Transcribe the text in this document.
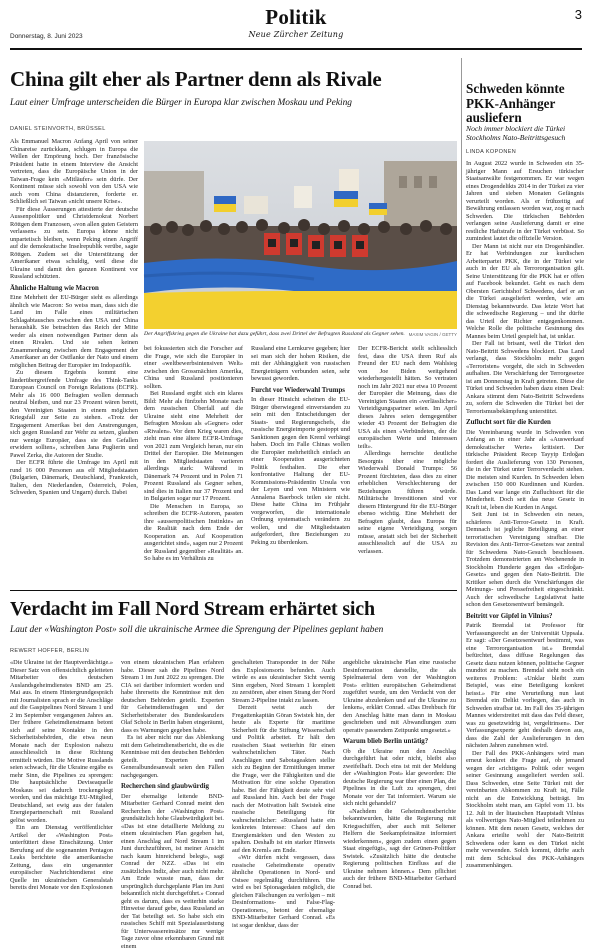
Donnerstag, 8. Juni 2023
Politik
Neue Zürcher Zeitung
3
China gilt eher als Partner denn als Rivale
Laut einer Umfrage unterscheiden die Bürger in Europa klar zwischen Moskau und Peking
DANIEL STEINVORTH, BRÜSSEL

Als Emmanuel Macron Anfang April von seiner Chinareise zurückkam, schlugen in Europa die Wellen der Empörung hoch. Der französische Präsident hatte in einem Interview die Ansicht vertreten, dass die Europäische Union in der Taiwan-Frage kein «Mitläufer» sein dürfe. Der Kontinent müsse sich sowohl von den USA wie auch vom China distanzieren, forderte er. Schließlich sei Taiwan «nicht unsere Krise».

Für diese Äusserungen attestierte der deutsche Aussenpolitiker und Christdemokrat Norbert Röttgen dem Franzosen, «von allen guten Geistern verlassen» zu sein. Europa könne nicht unparteiisch bleiben, wenn Peking einen Angriff auf die demokratische Inselrepublik verübe, sagte Röttgen. Zudem sei die Unterstützung der Amerikaner etwas schuldig, weil diese die Ukraine und damit den ganzen Kontinent vor Russland schützten.

Ähnliche Haltung wie Macron

Eine Mehrheit der EU-Bürger sieht es allerdings ähnlich wie Macron: So weiss man, dass sich die Land im Falle eines militärischen Schlagabtausches zwischen den USA und China heraushält. Sie betrachten das Reich der Mitte weder als einen notwendigen Partner denn als einen Rivalen. Und sie sehen keinen Zusammenhang zwischen dem Engagement der Amerikaner an der Ostflanke der Nato und einem möglichen Beitrag der Europäer im Indopazifik.

Zu diesem Ergebnis kommt eine länderübergreifende Umfrage des Think-Tanks European Council on Foreign Relations (ECFR). Mehr als 16 000 Befragten wollen demnach neutral bleiben, und nur 23 Prozent wären bereit, den Vereinigten Staaten in einem möglichen Kriegsfall zur Seite zu stehen. «Trotz der Engagement Amerikas bei den Anstrengungen, sich gegen Russland zur Wehr zu setzen, glauben nur wenige Europäer, dass sie den Gefallen erwidern sollten», schreiben Jana Puglierin und Pawel Zerka, die Autoren der Studie.

Der ECFR führte die Umfrage im April mit rund 16 000 Personen aus elf Mitgliedstaaten (Bulgarien, Dänemark, Deutschland, Frankreich, Italien, den Niederlanden, Österreich, Polen, Schweden, Spanien und Ungarn) durch. Dabei

Der Angriffskrieg gegen die Ukraine hat dazu geführt, dass zwei Drittel der Befragten Russland als Gegner sehen. MAXIM VAGIN / GETTY

bei fokussierten sich die Forscher auf die Frage, wie sich die Europäer in einer «weltbewerbsintensiven Welt» zwischen den Grossmächten Amerika, China und Russland positionieren sollten.

Bei Russland ergibt sich ein klares Bild: Mehr als fünfzehn Monate nach dem russischen Überfall auf die Ukraine sieht eine Mehrheit der Befragten Moskau als «Gegner» oder «Rivalen». Vor dem Krieg waren dies, zieht man eine ältere ECFR-Umfrage von 2021 zum Vergleich heran, nur ein Drittel der Europäer. Die Meinungen in den Mitgliedstaaten variieren allerdings stark: Während in Dänemark 74 Prozent und in Polen 71 Prozent Russland als Gegner sehen, sind dies in Italien nur 37 Prozent und in Bulgarien sogar nur 17 Prozent.

Die Menschen in Europa, so schreiben die ECFR-Autoren, passten ihre «aussenpolitischen Instinkte» an die Realität nach dem Ende der Kooperation an. Auf Kooperation ausgerichtet sind», sagen nur 2 Prozent der Russland gegenüber «Realität» an. So habe es im Verhältnis zu

Russland eine Lernkurve gegeben; hier sei man sich der hohen Risiken, die mit der Abhängigkeit von russischen Energieträgern verbunden seien, sehr bewusst geworden.

Furcht vor Wiederwahl Trumps

In dieser Hinsicht scheinen die EU-Bürger überwiegend einverstanden zu sein mit den Entscheidungen der Staats- und Regierungschefs, die russische Energieimporte gestoppt und Sanktionen gegen den Kreml verhängt haben. Doch im Falle Chinas wollen die Europäer mehrheitlich einfach an einer Kooperation ausgerichteten Politik festhalten. Die eher konfrontative Haltung der EU-Kommissions-Präsidentin Ursula von der Leyen und von Ministern wie Annalena Baerbock teilen sie nicht. Diese hatte China im Frühjahr vorgeworfen, die internationale Ordnung systematisch verändern zu wollen, und die Mitgliedstaaten aufgefordert, ihre Beziehungen zu Peking zu überdenken.

Der ECFR-Bericht stellt schliesslich fest, dass die USA ihren Ruf als Freund der EU nach dem Wahlsieg von Joe Biden weitgehend wiederhergestellt hätten. So vertraten noch im Jahr 2021 nur etwa 10 Prozent der Europäer die Meinung, dass die Vereinigten Staaten ein «verlässlicher» Verteidigungspartner seien. Im April dieses Jahres seien demgegenüber wieder 43 Prozent der Befragten die USA als einen «Verbündeten, der die europäischen Werte und Interessen teilt».

Allerdings herrschte deutliche Besorgnis über eine mögliche Wiederwahl Donald Trumps: 56 Prozent fürchteten, dass dies zu einer erheblichen Verschlechterung der Beziehungen führen würde. Militärische Investitionen sind vor diesem Hintergrund für die EU-Bürger ebenso wichtig. Eine Mehrheit der Befragten glaubt, dass Europa für seine eigene Verteidigung sorgen müsse, anstatt sich bei der Sicherheit ausschliesslich auf die USA zu verlassen.

Verdacht im Fall Nord Stream erhärtet sich
Laut der «Washington Post» soll die ukrainische Armee die Sprengung der Pipelines geplant haben
REWERT HOFFER, BERLIN

«Die Ukraine ist der Hauptverdächtige.» Dieser Satz von offensichtlich geleiteten Mitarbeiter des deutschen Auslandsgeheimdienstes BND am 25. Mai aus. In einem Hintergrundgespräch mit Journalisten sprach er die Anschläge auf die Gaspipelines Nord Stream 1 und 2 im September vergangenen Jahres an. Der frühere Geheimdienstmann betont sich auf seine Kontakte in den Sicherheitsbehörden, die etwa neun Monate nach der Explosion nahezu ausschliesslich in diese Richtung ermittelt würden. Die Motive Russlands seien schwach, für die Ukraine ergäbe es mehr Sinn, die Pipelines zu sprengen: Die hauptsächliche Deviseaquelle Moskaus sei dadurch trockengelegt worden, und das mächtige EU-Mitglied, Deutschland, sei ewig aus der fatalen Energiepartnerschaft mit Russland gelöst worden.

Ein am Dienstag veröffentlichter Artikel der «Washington Post» unterfüttert diese Einschätzung. Unter Berufung auf die sogenannten Pentagon Leaks berichtete die amerikanische Zeitung, dass ein ungenannter europäischer Nachrichtendienst eine Quelle im ukrainischen Generalstab bereits drei Monate vor den Explosionen

von einem ukrainischen Plan erfahren habe. Dieser sah die Pipelines Nord Stream 1 im Juni 2022 zu sprengen. Die CIA sei darüber informiert worden und habe ihrerseits die Kenntnisse mit den deutschen Behörden geteilt. Experten für Geheimdienstfragen und der Sicherheitsberater des Bundeskanzlers Olaf Scholz in Berlin haben eingeräumt, dass es Warnungen gegeben habe.

Es ist aber nicht nur das Ablenkung mit dem Geheimdienstbericht, die es die Kenntnisse mit den deutschen Behörden geteilt. Experten und Generalbundesanwalt seien den Fällen nachgegangen.

Recherchen sind glaubwürdig

Der ehemalige leitende BND-Mitarbeiter Gerhard Conrad meint den Recherchen der «Washington Post» grundsätzlich hohe Glaubwürdigkeit bei. «Das ist eine detaillierte Meldung zu einem ukrainischen Plan gegeben hat, einen Anschlag auf Nord Stream 1 im Juni durchzuführen, ist meiner Ansicht nach kaum hinreichend belegt», sagt Conrad der NZZ. «Das ist ein zusätzliches Indiz, aber auch nicht mehr. Am Ende wusste man, dass der ursprünglich durchgeplante Plan im Juni bekanntlich nicht durchgeführt.» Conrad geht es darum, dass es weiterhin starke Hinweise darauf gebe, dass Russland an der Tat beteiligt sei. So habe sich ein russisches Schiff mit Spezialausrüstung für Unterwassereinsätze nur wenige Tage zuvor ohne erkennbaren Grund mit einem

geschalteten Transponder in der Nähe des Explosionsorts befunden. Auch würde es aus ukrainischer Sicht wenig Sinn ergeben, Nord Stream 1 komplett zu zerstören, aber einen Strang der Nord Stream 2-Pipeline intakt zu lassen.

Derzeit weist auch der Fregattenkapitän Göran Swistek hin, der heute als Experte für maritime Sicherheit für die Stiftung Wissenschaft und Politik arbeitet. Er hält den russischen Staat weiterhin für einen wahrscheinlichen Täter. Nach Anschlägen und Sabotageakten stellte sich zu Beginn der Ermittlungen immer die Frage, wer die Fähigkeiten und die Motivation für eine solche Operation habe. Bei der Fähigkeit deute sehr viel auf Russland hin. Auch bei der Frage nach der Motivation hält Swistek eine russische Beteiligung für wahrscheinlicher: «Russland hatte ein konkretes Interesse: Chaos auf den Energiemärkten und den Westen zu spalten. Deshalb ist ein starker Hinweis auf den Kreml» am Ende.

«Wir dürfen nicht vergessen, dass russische Geheimdienste operativ ähnliche Operationen in Nord- und Ostsee regelmäßig durchführen. Die wird es bei Spionagedaten möglich, die gleichen Fälschungen zu verfolgen – mit Desinformations- und False-Flag-Operationen», betont der ehemalige BND-Mitarbeiter Gerhard Conrad. «Es ist sogar denkbar, dass der

angebliche ukrainische Plan eine russische Desinformation darstellte, die als Spielmaterial dem von der Washington Post» erlitten europäischen Geheimdienst zugeführt wurde, um den Verdacht von der Ukraine abzulenken und auf die Ukraine zu lenken», erklärt Conrad. «Das Drehbuch für den Anschlag hätte man dann in Moskau geschrieben und mit Abwandlungen zum operativ passendem Zeitpunkt umgesetzt.»

Warum blieb Berlin untätig?

Ob die Ukraine nun den Anschlag durchgeführt hat oder nicht, bleibt also zweifelhaft. Doch eins ist mit der Meldung der «Washington Post» klar geworden: Die deutsche Regierung war über einen Plan, die Pipelines in die Luft zu sprengen, drei Monate vor der Tat informiert. Warum sie sich nicht gehandelt?

«Nachdem die Geheimdienstberichte bekanntwurden, hätte die Regierung mit Kriegsschiffen, aber auch mit Seltener Helfern die Seekampfeinsätze informiert wiederkennen», gegen zudem einen gegen Staat eingefügt», sagt der Grünen-Politiker Swistek. «Zusätzlich hätte die deutsche Regierung politischen Einfluss auf die Ukraine nehmen können.» Dem pflichtet auch der frühere BND-Mitarbeiter Gerhard Conrad bei.

Schweden könnte PKK-Anhänger ausliefern
Noch immer blockiert die Türkei Stockholms Nato-Beitrittsgesuch
LINDA KOPONEN

In August 2022 wurde in Schweden ein 35-jähriger Mann auf Ersuchen türkischer Staatsanwälte festgenommen. Er war wegen eines Drogendelikts 2014 in der Türkei zu vier Jahren und sieben Monaten Gefängnis verurteilt worden. Als er frühzeitig auf Bewährung entlassen worden war, zog er nach Schweden. Die türkischen Behörden verlangen seine Auslieferung damit er eine restliche Haftstrafe in der Türkei verbüsst. So zumindest lautet die offizielle Version.

Der Mann ist nicht nur ein Drogenhändler. Er hat Verbindungen zur kurdischen Arbeiterpartei PKK, die in der Türkei wie auch in der EU als Terrororganisation gilt. Seine Unterstützung für die PKK hat er offen auf Facebook bekundet. Geht es nach dem Obersten Gerichtshof Schwedens, darf er an die Türkei ausgeliefert werden, wie am Dienstag bekanntwurde. Das letzte Wort hat die schwedische Regierung – und ihr dürfte das Urteil der Richter entgegenkommen. Welche Rolle die politische Gesinnung des Mannes beim Urteil gespielt hat, ist unklar.

Der Fall ist brisant, weil die Türkei den Nato-Beitritt Schwedens blockiert. Das Land verlangt, dass Stockholm mehr gegen «Terroristen» vorgeht, die sich in Schweden aufhalten. Die Verschärfung der Terrorgesetze ist am Donnerstag in Kraft getreten. Diese die Türkei und Schweden haben dazu einen Deal: Ankara stimmt dem Nato-Beitritt Schwedens zu, sofern die Schweden die Türkei bei der Terrorismusbekämpfung unterstützt.

Zuflucht sort für die Kurden

Die Vereinbarung wurde in Schweden von Anfang an in einer Jahr als «Auswerkauf demokratischer Werte» kritisiert. Der türkische Präsident Recep Tayyip Erdoğan fordert die Auslieferung von 130 Personen, die in der Türkei unter Terrorverdacht stehen. Die meisten sind Kurden. In Schweden leben zwischen 150 000 Kurdinnen und Kurden. Das Land war lange ein Zufluchtsort für die Minderheit. Doch seit das neue Gesetz in Kraft ist, leben die Kurden in Angst.

Seit Juni ist in Schweden ein neues, schärferes Anti-Terror-Gesetz in Kraft. Demnach ist jegliche Beteiligung an einer terroristischen Vereinigung strafbar. Die Revision des Anti-Terror-Gesetzes war zentral für Schwedens Nato-Gesuch beschlossen. Trotzdem demonstrierten am Wochenende in Stockholm Hunderte gegen das «Erdoğan-Gesetz» und gegen den Nato-Beitritt. Die Kritiker sehen durch die Verschärfungen die Meinungs- und Pressefreiheit eingeschränkt. Auch der schwedische Legislativrat hatte schon den Gesetzesentwurf bemängelt.

Beitritt vor Gipfel in Vilnius?

Patrik Bremdal ist Professor für Verfassungsrecht an der Universität Uppsala. Er sagt: «Der Gesetzesentwurf bestimmt, was eine Terrororganisation ist.» Bremdal befürchtet, dass diffuse Regelungen das Gesetz dazu nutzen können, politische Gegner mundtot zu machen. Bremdal sieht noch ein weiteres Problem: «Unklar bleibt zum Beispiel, was eine Beteiligung konkret heisst.» Für eine Verurteilung nun laut Bremdal ein Delikt vorliegen, das auch in Schweden strafbar ist. Im Fall des 35-jährigen Mannes widerstreitet mit dass das Feld dieser, was zu gesetzwidrig ist, vergeltrinsen». Der Verfassungsexperte geht deshalb davon aus, dass die Zahl der Auslieferungen in den nächsten Jahren zunehmen wird.

Der Fall des PKK-Anhängers wird man erneut konkret die Frage auf, ob jemand wegen der «richtigen» Politik oder wegen seiner Gesinnung ausgeliefert werden soll. Dass Schweden, eine Seite Türkei mit der vereinbarten Abkommen zu Kraft ist, Fälle nicht an die Entwicklung beiträgt. Im Stockholm steht man, am Gipfel vom 11. bis 12. Juli in der litauischen Hauptstadt Vilnius als vollwertiges Nato-Mitglied teilnehmen zu können. Mit dem neuen Gesetz, welches der Ankara erteilte wohl der Nato-Beitritt Schwedens oder kann es den Türkei nicht mehr verwenden. Solch kommt, dürfte auch mit dem Schicksal des PKK-Anhängers zusammenhängen.
